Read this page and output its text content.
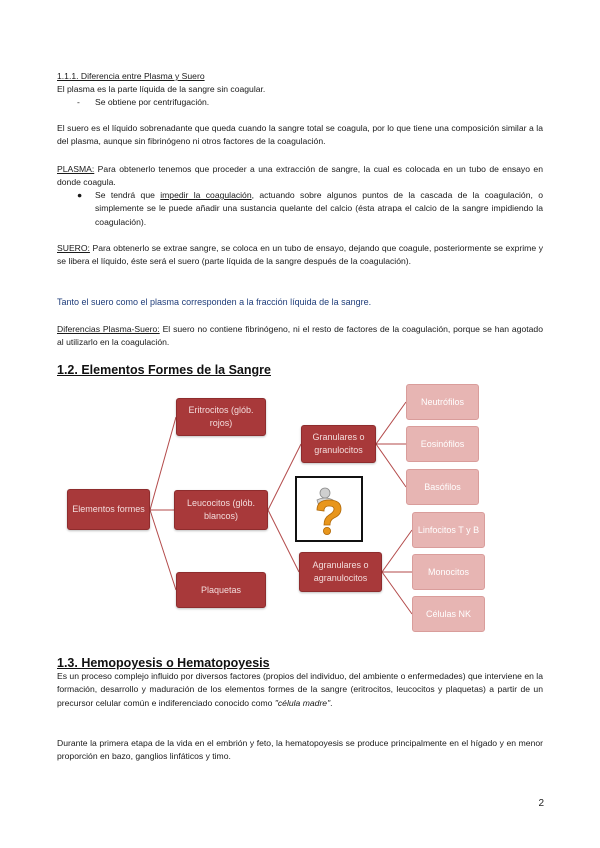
1.1.1. Diferencia entre Plasma y Suero
El plasma es la parte líquida de la sangre sin coagular.
- Se obtiene por centrifugación.
El suero es el líquido sobrenadante que queda cuando la sangre total se coagula, por lo que tiene una composición similar a la del plasma, aunque sin fibrinógeno ni otros factores de la coagulación.
PLASMA: Para obtenerlo tenemos que proceder a una extracción de sangre, la cual es colocada en un tubo de ensayo en donde coagula.
● Se tendrá que impedir la coagulación, actuando sobre algunos puntos de la cascada de la coagulación, o simplemente se le puede añadir una sustancia quelante del calcio (ésta atrapa el calcio de la sangre impidiendo la coagulación).
SUERO: Para obtenerlo se extrae sangre, se coloca en un tubo de ensayo, dejando que coagule, posteriormente se exprime y se libera el líquido, éste será el suero (parte líquida de la sangre después de la coagulación).
Tanto el suero como el plasma corresponden a la fracción líquida de la sangre.
Diferencias Plasma-Suero: El suero no contiene fibrinógeno, ni el resto de factores de la coagulación, porque se han agotado al utilizarlo en la coagulación.
1.2. Elementos Formes de la Sangre
Elementos formes
Eritrocitos (glób. rojos)
Leucocitos (glób. blancos)
Plaquetas
Granulares o granulocitos
Agranulares o agranulocitos
Neutrófilos
Eosinófilos
Basófilos
Linfocitos T y B
Monocitos
Células NK
1.3. Hemopoyesis o Hematopoyesis
Es un proceso complejo influido por diversos factores (propios del individuo, del ambiente o enfermedades) que interviene en la formación, desarrollo y maduración de los elementos formes de la sangre (eritrocitos, leucocitos y plaquetas) a partir de un precursor celular común e indiferenciado conocido como "célula madre".
Durante la primera etapa de la vida en el embrión y feto, la hematopoyesis se produce principalmente en el hígado y en menor proporción en bazo, ganglios linfáticos y timo.
2
